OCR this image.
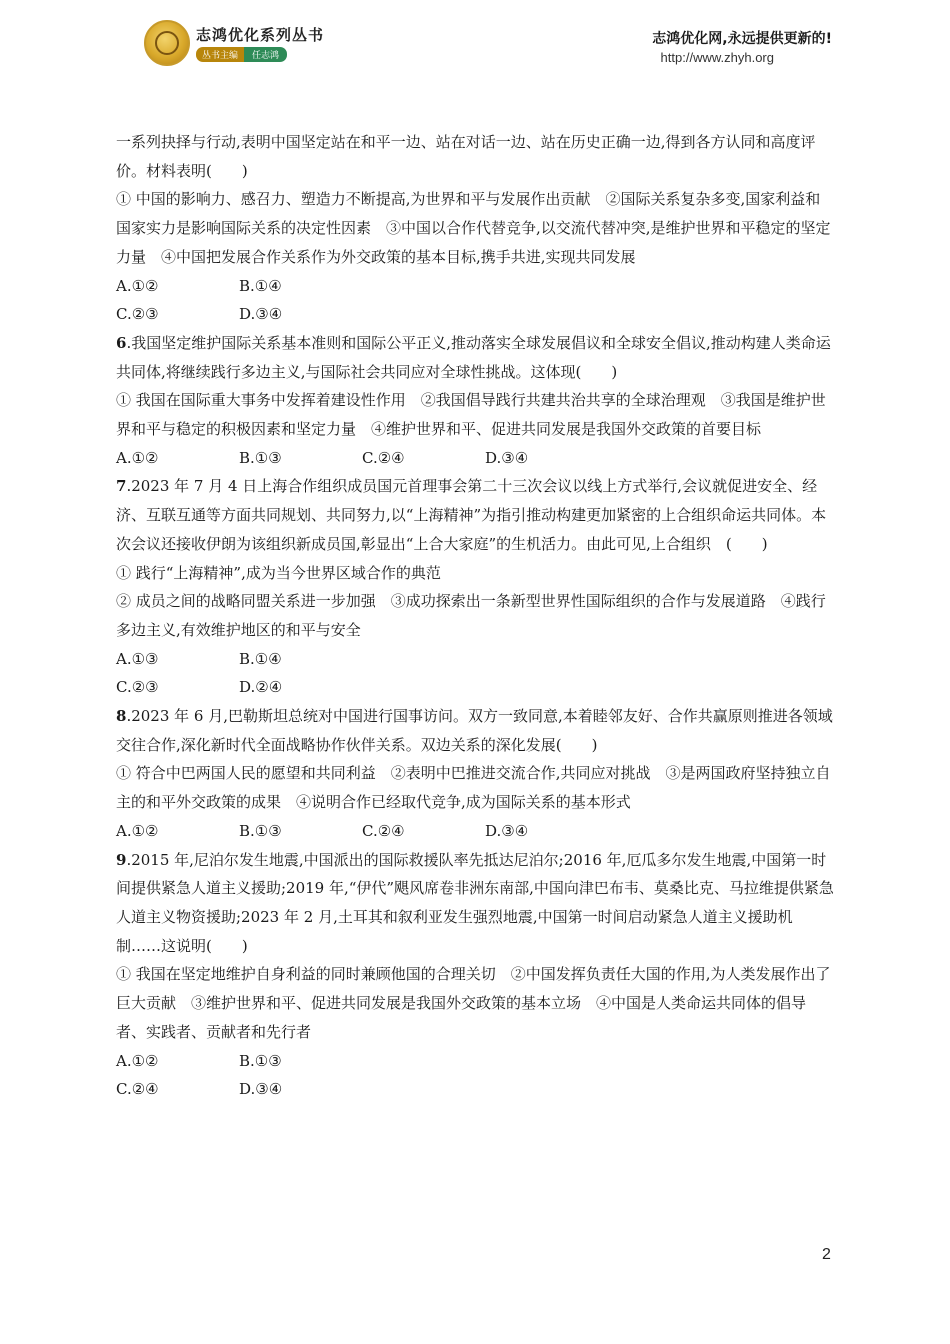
志鸿优化系列丛书
丛书主编	任志鸿
志鸿优化网,永远提供更新的!
http://www.zhyh.org

一系列抉择与行动,表明中国坚定站在和平一边、站在对话一边、站在历史正确一边,得到各方认同和高度评价。材料表明(　　)

① 中国的影响力、感召力、塑造力不断提高,为世界和平与发展作出贡献　②国际关系复杂多变,国家利益和国家实力是影响国际关系的决定性因素　③中国以合作代替竞争,以交流代替冲突,是维护世界和平稳定的坚定力量　④中国把发展合作关系作为外交政策的基本目标,携手共进,实现共同发展

A.①②	B.①④
C.②③	D.③④

6.我国坚定维护国际关系基本准则和国际公平正义,推动落实全球发展倡议和全球安全倡议,推动构建人类命运共同体,将继续践行多边主义,与国际社会共同应对全球性挑战。这体现(　　)

① 我国在国际重大事务中发挥着建设性作用　②我国倡导践行共建共治共享的全球治理观　③我国是维护世界和平与稳定的积极因素和坚定力量　④维护世界和平、促进共同发展是我国外交政策的首要目标

A.①②	B.①③	C.②④	D.③④

7.2023 年 7 月 4 日上海合作组织成员国元首理事会第二十三次会议以线上方式举行,会议就促进安全、经济、互联互通等方面共同规划、共同努力,以“上海精神”为指引推动构建更加紧密的上合组织命运共同体。本次会议还接收伊朗为该组织新成员国,彰显出“上合大家庭”的生机活力。由此可见,上合组织　(　　)

① 践行“上海精神”,成为当今世界区域合作的典范

② 成员之间的战略同盟关系进一步加强　③成功探索出一条新型世界性国际组织的合作与发展道路　④践行多边主义,有效维护地区的和平与安全

A.①③	B.①④
C.②③	D.②④

8.2023 年 6 月,巴勒斯坦总统对中国进行国事访问。双方一致同意,本着睦邻友好、合作共赢原则推进各领域交往合作,深化新时代全面战略协作伙伴关系。双边关系的深化发展(　　)

① 符合中巴两国人民的愿望和共同利益　②表明中巴推进交流合作,共同应对挑战　③是两国政府坚持独立自主的和平外交政策的成果　④说明合作已经取代竞争,成为国际关系的基本形式

A.①②	B.①③	C.②④	D.③④

9.2015 年,尼泊尔发生地震,中国派出的国际救援队率先抵达尼泊尔;2016 年,厄瓜多尔发生地震,中国第一时间提供紧急人道主义援助;2019 年,“伊代”飓风席卷非洲东南部,中国向津巴布韦、莫桑比克、马拉维提供紧急人道主义物资援助;2023 年 2 月,土耳其和叙利亚发生强烈地震,中国第一时间启动紧急人道主义援助机制……这说明(　　)

① 我国在坚定地维护自身利益的同时兼顾他国的合理关切　②中国发挥负责任大国的作用,为人类发展作出了巨大贡献　③维护世界和平、促进共同发展是我国外交政策的基本立场　④中国是人类命运共同体的倡导者、实践者、贡献者和先行者

A.①②	B.①③
C.②④	D.③④
2
